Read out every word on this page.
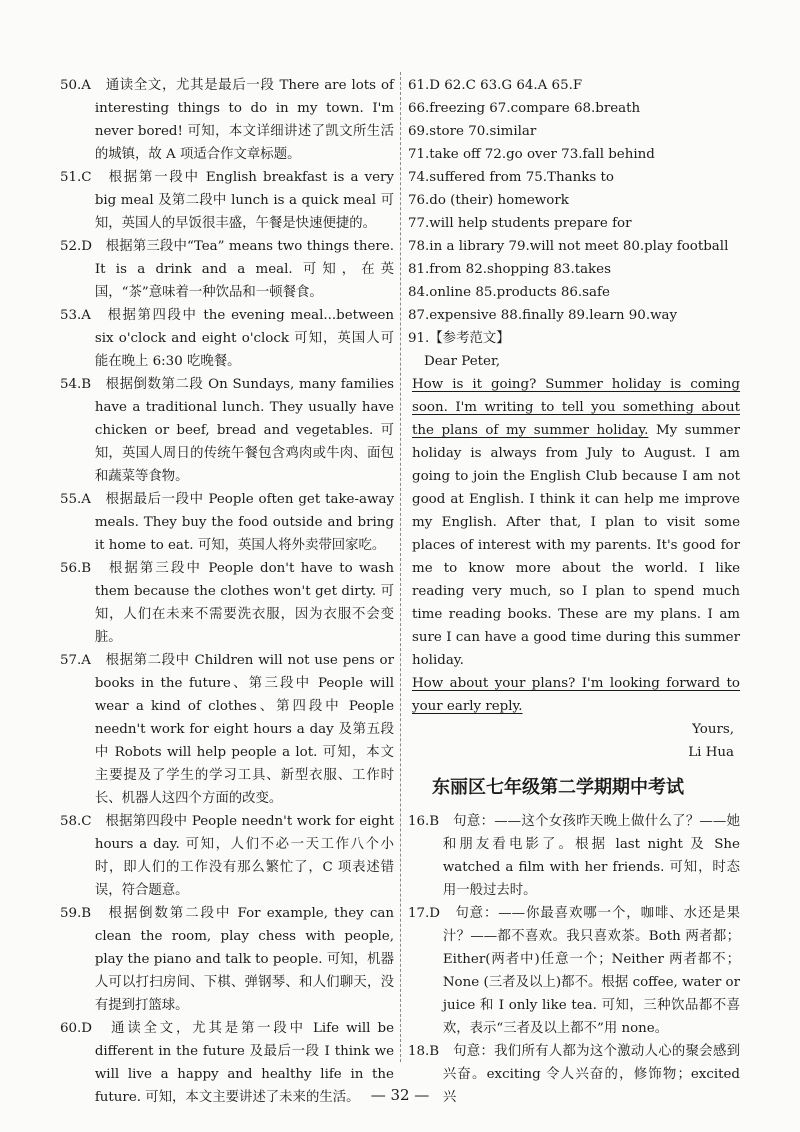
50.A　 通读全文，尤其是最后一段 There are lots of interesting things to do in my town. I'm never bored! 可知，本文详细讲述了凯文所生活的城镇，故 A 项适合作文章标题。

51.C　 根据第一段中 English breakfast is a very big meal 及第二段中 lunch is a quick meal 可知，英国人的早饭很丰盛，午餐是快速便捷的。

52.D　 根据第三段中“Tea” means two things there. It is a drink and a meal. 可知，在英国，“茶”意味着一种饮品和一顿餐食。

53.A　 根据第四段中 the evening meal...between six o'clock and eight o'clock 可知，英国人可能在晚上 6:30 吃晚餐。

54.B　 根据倒数第二段 On Sundays, many families have a traditional lunch. They usually have chicken or beef, bread and vegetables. 可知，英国人周日的传统午餐包含鸡肉或牛肉、面包和蔬菜等食物。

55.A　 根据最后一段中 People often get take-away meals. They buy the food outside and bring it home to eat. 可知，英国人将外卖带回家吃。

56.B　 根据第三段中 People don't have to wash them because the clothes won't get dirty. 可知，人们在未来不需要洗衣服，因为衣服不会变脏。

57.A　 根据第二段中 Children will not use pens or books in the future、第三段中 People will wear a kind of clothes、第四段中 People needn't work for eight hours a day 及第五段中 Robots will help people a lot. 可知，本文主要提及了学生的学习工具、新型衣服、工作时长、机器人这四个方面的改变。

58.C　 根据第四段中 People needn't work for eight hours a day. 可知，人们不必一天工作八个小时，即人们的工作没有那么繁忙了，C 项表述错误，符合题意。

59.B　 根据倒数第二段中 For example, they can clean the room, play chess with people, play the piano and talk to people. 可知，机器人可以打扫房间、下棋、弹钢琴、和人们聊天，没有提到打篮球。

60.D　 通读全文，尤其是第一段中 Life will be different in the future 及最后一段 I think we will live a happy and healthy life in the future. 可知，本文主要讲述了未来的生活。

61.D 62.C 63.G 64.A 65.F

66.freezing 67.compare 68.breath

69.store 70.similar

71.take off 72.go over 73.fall behind

74.suffered from 75.Thanks to

76.do (their) homework

77.will help students prepare for

78.in a library 79.will not meet 80.play football

81.from 82.shopping 83.takes

84.online 85.products 86.safe

87.expensive 88.finally 89.learn 90.way

91.【参考范文】

Dear Peter,

How is it going? Summer holiday is coming soon. I'm writing to tell you something about the plans of my summer holiday. My summer holiday is always from July to August. I am going to join the English Club because I am not good at English. I think it can help me improve my English. After that, I plan to visit some places of interest with my parents. It's good for me to know more about the world. I like reading very much, so I plan to spend much time reading books. These are my plans. I am sure I can have a good time during this summer holiday.

How about your plans? I'm looking forward to your early reply.

Yours,

Li Hua

东丽区七年级第二学期期中考试

16.B　 句意：——这个女孩昨天晚上做什么了？——她和朋友看电影了。根据 last night 及 She watched a film with her friends. 可知，时态用一般过去时。

17.D　 句意：——你最喜欢哪一个，咖啡、水还是果汁？——都不喜欢。我只喜欢茶。Both 两者都；Either(两者中)任意一个；Neither 两者都不；None (三者及以上)都不。根据 coffee, water or juice 和 I only like tea. 可知，三种饮品都不喜欢，表示“三者及以上都不”用 none。

18.B　 句意：我们所有人都为这个激动人心的聚会感到兴奋。exciting 令人兴奋的，修饰物；excited 兴

— 32 —
